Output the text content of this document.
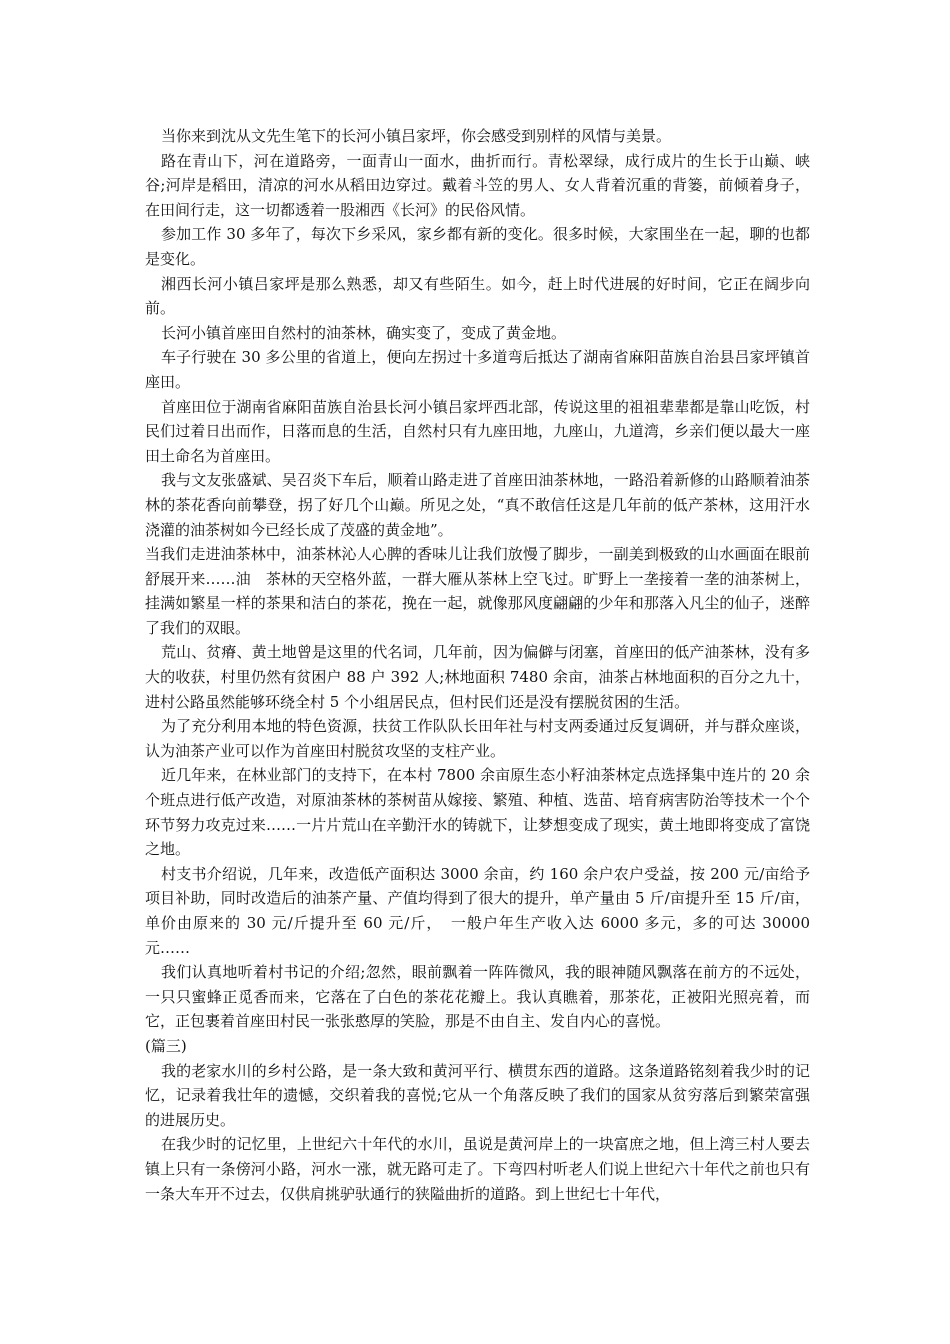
当你来到沈从文先生笔下的长河小镇吕家坪，你会感受到别样的风情与美景。

路在青山下，河在道路旁，一面青山一面水，曲折而行。青松翠绿，成行成片的生长于山巅、峡谷;河岸是稻田，清凉的河水从稻田边穿过。戴着斗笠的男人、女人背着沉重的背篓，前倾着身子，在田间行走，这一切都透着一股湘西《长河》的民俗风情。

参加工作 30 多年了，每次下乡采风，家乡都有新的变化。很多时候，大家围坐在一起，聊的也都是变化。

湘西长河小镇吕家坪是那么熟悉，却又有些陌生。如今，赶上时代进展的好时间，它正在阔步向前。

长河小镇首座田自然村的油茶林，确实变了，变成了黄金地。

车子行驶在 30 多公里的省道上，便向左拐过十多道弯后抵达了湖南省麻阳苗族自治县吕家坪镇首座田。

首座田位于湖南省麻阳苗族自治县长河小镇吕家坪西北部，传说这里的祖祖辈辈都是靠山吃饭，村民们过着日出而作，日落而息的生活，自然村只有九座田地，九座山，九道湾，乡亲们便以最大一座田土命名为首座田。

我与文友张盛斌、吴召炎下车后，顺着山路走进了首座田油茶林地，一路沿着新修的山路顺着油茶林的茶花香向前攀登，拐了好几个山巅。所见之处，“真不敢信任这是几年前的低产茶林，这用汗水浇灌的油茶树如今已经长成了茂盛的黄金地”。

当我们走进油茶林中，油茶林沁人心脾的香味儿让我们放慢了脚步，一副美到极致的山水画面在眼前舒展开来……油　茶林的天空格外蓝，一群大雁从茶林上空飞过。旷野上一垄接着一垄的油茶树上，挂满如繁星一样的茶果和洁白的茶花，挽在一起，就像那风度翩翩的少年和那落入凡尘的仙子，迷醉了我们的双眼。

荒山、贫瘠、黄土地曾是这里的代名词，几年前，因为偏僻与闭塞，首座田的低产油茶林，没有多大的收获，村里仍然有贫困户 88 户 392 人;林地面积 7480 余亩，油茶占林地面积的百分之九十，进村公路虽然能够环绕全村 5 个小组居民点，但村民们还是没有摆脱贫困的生活。

为了充分利用本地的特色资源，扶贫工作队队长田年社与村支两委通过反复调研，并与群众座谈，认为油茶产业可以作为首座田村脱贫攻坚的支柱产业。

近几年来，在林业部门的支持下，在本村 7800 余亩原生态小籽油茶林定点选择集中连片的 20 余个班点进行低产改造，对原油茶林的茶树苗从嫁接、繁殖、种植、选苗、培育病害防治等技术一个个环节努力攻克过来……一片片荒山在辛勤汗水的铸就下，让梦想变成了现实，黄土地即将变成了富饶之地。

村支书介绍说，几年来，改造低产面积达 3000 余亩，约 160 余户农户受益，按 200 元/亩给予项目补助，同时改造后的油茶产量、产值均得到了很大的提升，单产量由 5 斤/亩提升至 15 斤/亩，单价由原来的 30 元/斤提升至 60 元/斤，　一般户年生产收入达 6000 多元，多的可达 30000 元……

我们认真地听着村书记的介绍;忽然，眼前飘着一阵阵微风，我的眼神随风飘落在前方的不远处，一只只蜜蜂正觅香而来，它落在了白色的茶花花瓣上。我认真瞧着，那茶花，正被阳光照亮着，而它，正包裹着首座田村民一张张憨厚的笑脸，那是不由自主、发自内心的喜悦。

(篇三)

我的老家水川的乡村公路，是一条大致和黄河平行、横贯东西的道路。这条道路铭刻着我少时的记忆，记录着我壮年的遗憾，交织着我的喜悦;它从一个角落反映了我们的国家从贫穷落后到繁荣富强的进展历史。

在我少时的记忆里，上世纪六十年代的水川，虽说是黄河岸上的一块富庶之地，但上湾三村人要去镇上只有一条傍河小路，河水一涨，就无路可走了。下弯四村听老人们说上世纪六十年代之前也只有一条大车开不过去，仅供肩挑驴驮通行的狭隘曲折的道路。到上世纪七十年代，
